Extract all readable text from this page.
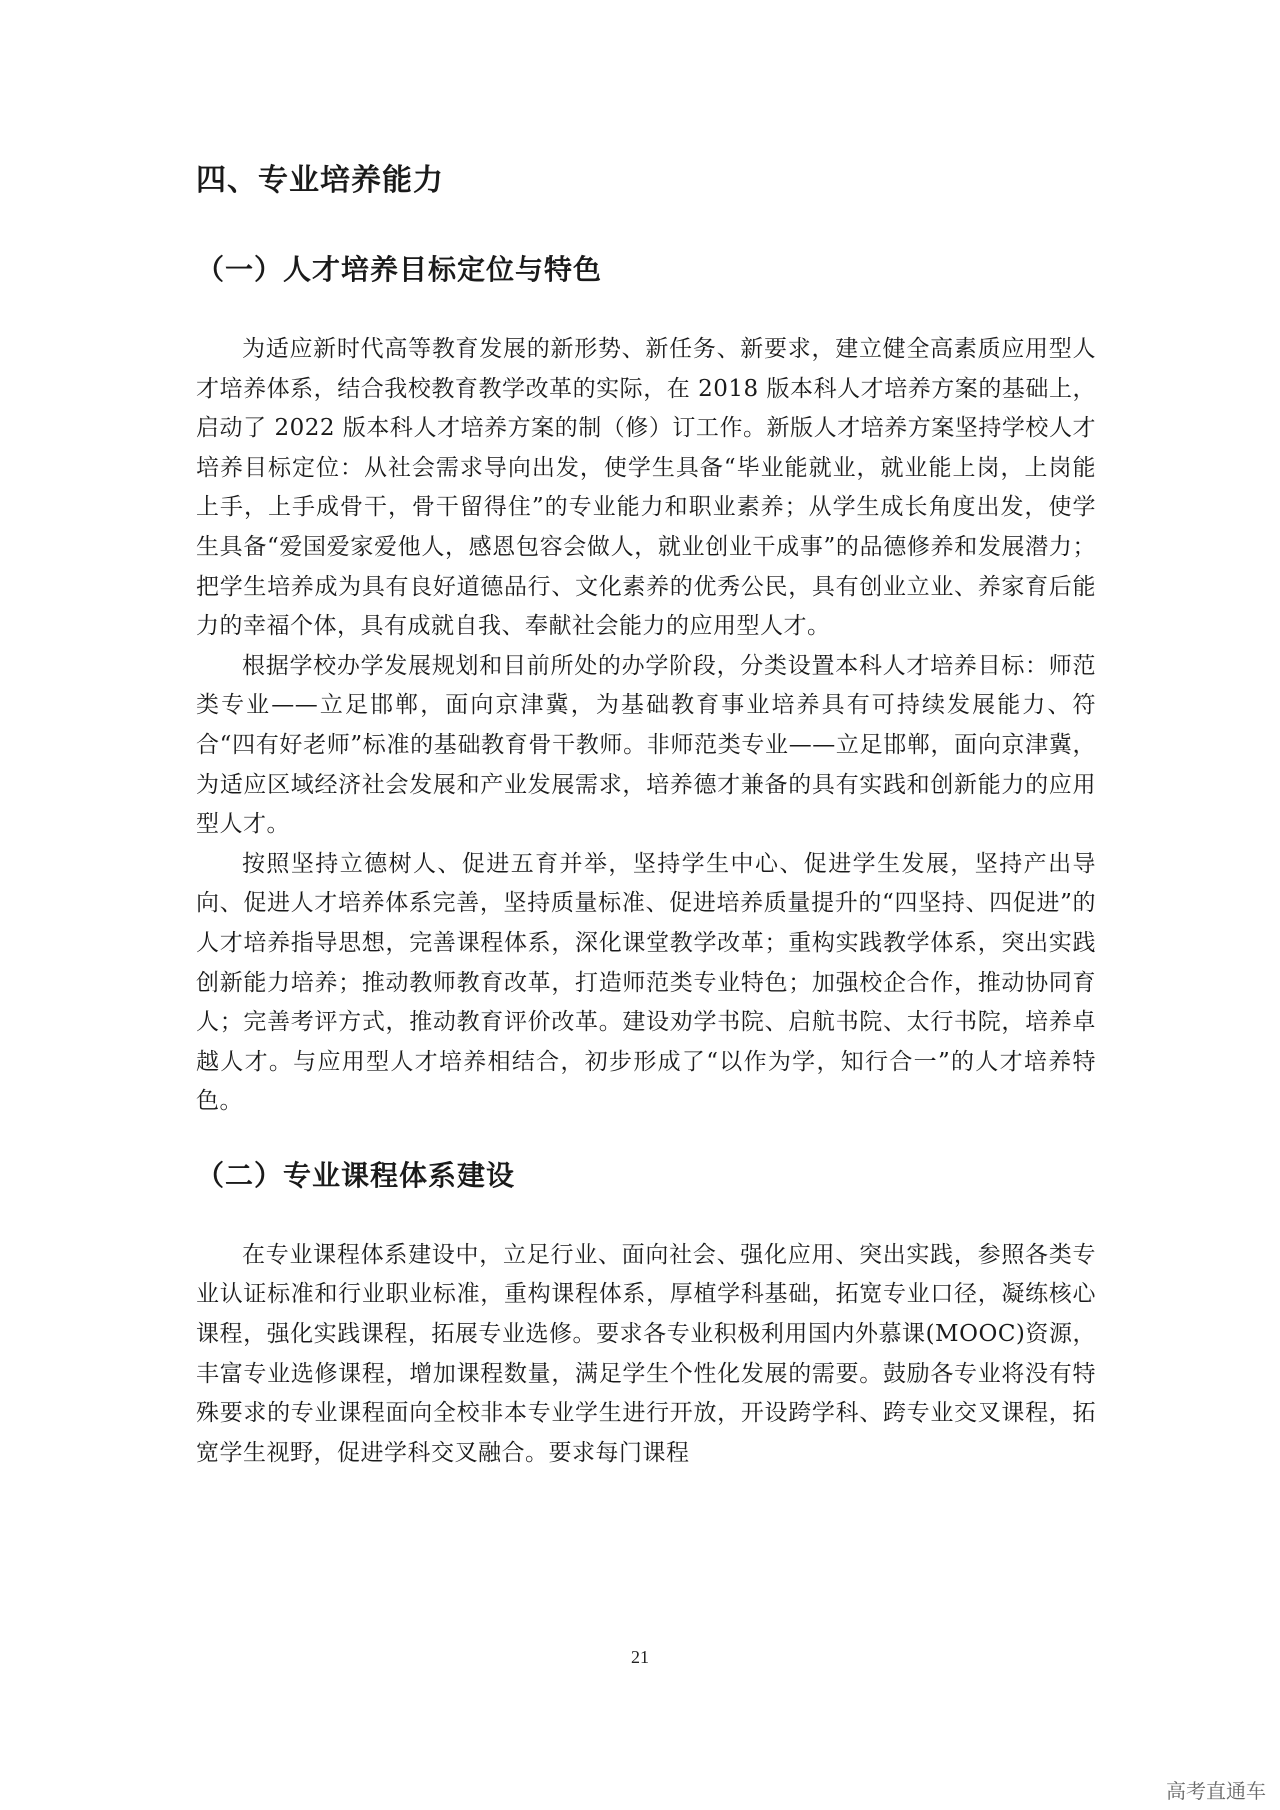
四、专业培养能力
（一）人才培养目标定位与特色

为适应新时代高等教育发展的新形势、新任务、新要求，建立健全高素质应用型人才培养体系，结合我校教育教学改革的实际，在 2018 版本科人才培养方案的基础上，启动了 2022 版本科人才培养方案的制（修）订工作。新版人才培养方案坚持学校人才培养目标定位：从社会需求导向出发，使学生具备“毕业能就业，就业能上岗，上岗能上手，上手成骨干，骨干留得住”的专业能力和职业素养；从学生成长角度出发，使学生具备“爱国爱家爱他人，感恩包容会做人，就业创业干成事”的品德修养和发展潜力；把学生培养成为具有良好道德品行、文化素养的优秀公民，具有创业立业、养家育后能力的幸福个体，具有成就自我、奉献社会能力的应用型人才。

根据学校办学发展规划和目前所处的办学阶段，分类设置本科人才培养目标：师范类专业——立足邯郸，面向京津冀，为基础教育事业培养具有可持续发展能力、符合“四有好老师”标准的基础教育骨干教师。非师范类专业——立足邯郸，面向京津冀，为适应区域经济社会发展和产业发展需求，培养德才兼备的具有实践和创新能力的应用型人才。

按照坚持立德树人、促进五育并举，坚持学生中心、促进学生发展，坚持产出导向、促进人才培养体系完善，坚持质量标准、促进培养质量提升的“四坚持、四促进”的人才培养指导思想，完善课程体系，深化课堂教学改革；重构实践教学体系，突出实践创新能力培养；推动教师教育改革，打造师范类专业特色；加强校企合作，推动协同育人；完善考评方式，推动教育评价改革。建设劝学书院、启航书院、太行书院，培养卓越人才。与应用型人才培养相结合，初步形成了“以作为学，知行合一”的人才培养特色。

（二）专业课程体系建设

在专业课程体系建设中，立足行业、面向社会、强化应用、突出实践，参照各类专业认证标准和行业职业标准，重构课程体系，厚植学科基础，拓宽专业口径，凝练核心课程，强化实践课程，拓展专业选修。要求各专业积极利用国内外慕课(MOOC)资源，丰富专业选修课程，增加课程数量，满足学生个性化发展的需要。鼓励各专业将没有特殊要求的专业课程面向全校非本专业学生进行开放，开设跨学科、跨专业交叉课程，拓宽学生视野，促进学科交叉融合。要求每门课程

21
高考直通车
